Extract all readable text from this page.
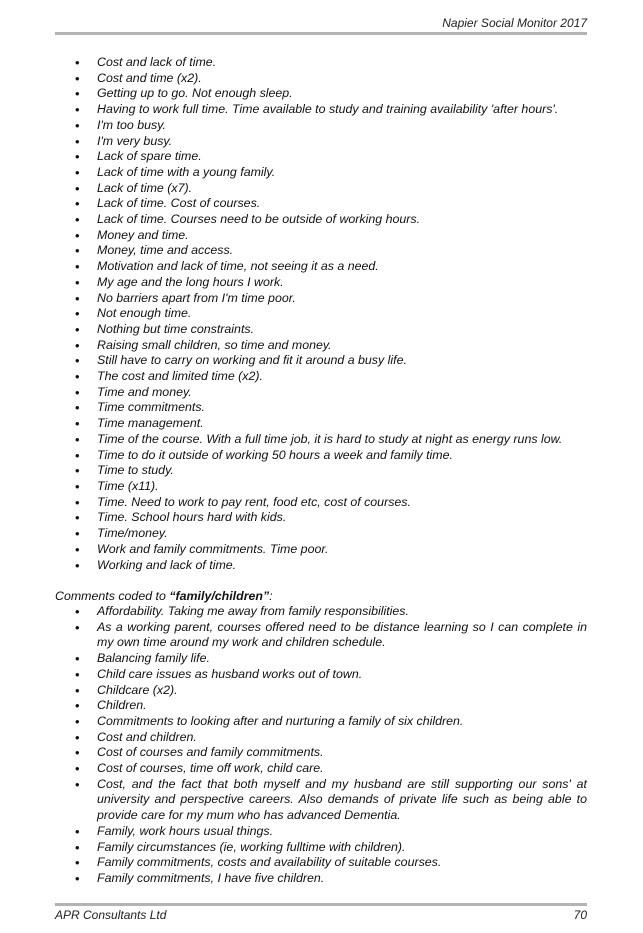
Napier Social Monitor 2017
• Cost and lack of time.
• Cost and time (x2).
• Getting up to go. Not enough sleep.
• Having to work full time. Time available to study and training availability 'after hours'.
• I'm too busy.
• I'm very busy.
• Lack of spare time.
• Lack of time with a young family.
• Lack of time (x7).
• Lack of time. Cost of courses.
• Lack of time. Courses need to be outside of working hours.
• Money and time.
• Money, time and access.
• Motivation and lack of time, not seeing it as a need.
• My age and the long hours I work.
• No barriers apart from I'm time poor.
• Not enough time.
• Nothing but time constraints.
• Raising small children, so time and money.
• Still have to carry on working and fit it around a busy life.
• The cost and limited time (x2).
• Time and money.
• Time commitments.
• Time management.
• Time of the course. With a full time job, it is hard to study at night as energy runs low.
• Time to do it outside of working 50 hours a week and family time.
• Time to study.
• Time (x11).
• Time. Need to work to pay rent, food etc, cost of courses.
• Time. School hours hard with kids.
• Time/money.
• Work and family commitments. Time poor.
• Working and lack of time.
Comments coded to “family/children”:
• Affordability. Taking me away from family responsibilities.
• As a working parent, courses offered need to be distance learning so I can complete in my own time around my work and children schedule.
• Balancing family life.
• Child care issues as husband works out of town.
• Childcare (x2).
• Children.
• Commitments to looking after and nurturing a family of six children.
• Cost and children.
• Cost of courses and family commitments.
• Cost of courses, time off work, child care.
• Cost, and the fact that both myself and my husband are still supporting our sons' at university and perspective careers. Also demands of private life such as being able to provide care for my mum who has advanced Dementia.
• Family, work hours usual things.
• Family circumstances (ie, working fulltime with children).
• Family commitments, costs and availability of suitable courses.
• Family commitments, I have five children.
APR Consultants Ltd	70
